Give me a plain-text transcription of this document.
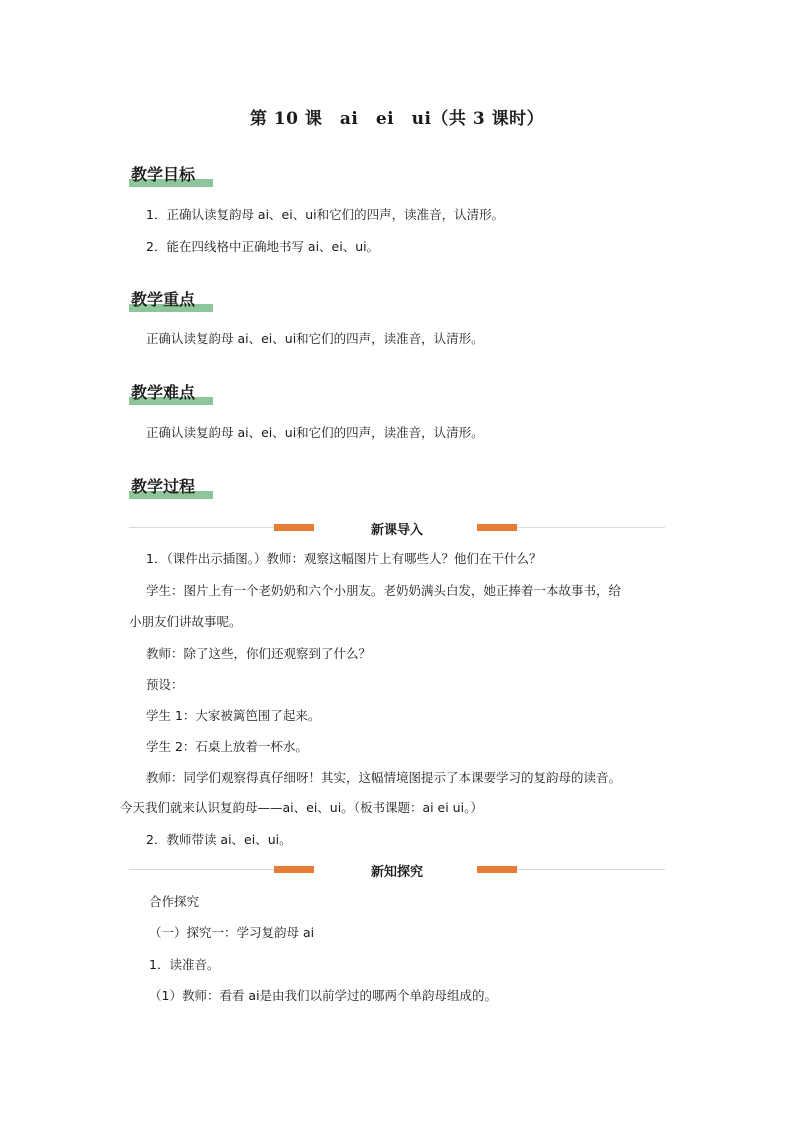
第 10 课　ai　ei　ui（共 3 课时）
教学目标
1．正确认读复韵母 ai、ei、ui和它们的四声，读准音，认清形。
2．能在四线格中正确地书写 ai、ei、ui。
教学重点
正确认读复韵母 ai、ei、ui和它们的四声，读准音，认清形。
教学难点
正确认读复韵母 ai、ei、ui和它们的四声，读准音，认清形。
教学过程
新课导入
1．（课件出示插图。）教师：观察这幅图片上有哪些人？他们在干什么？
学生：图片上有一个老奶奶和六个小朋友。老奶奶满头白发，她正捧着一本故事书，给
小朋友们讲故事呢。
教师：除了这些，你们还观察到了什么？
预设：
学生 1：大家被篱笆围了起来。
学生 2：石桌上放着一杯水。
教师：同学们观察得真仔细呀！其实，这幅情境图提示了本课要学习的复韵母的读音。
今天我们就来认识复韵母——ai、ei、ui。（板书课题：ai ei ui。）
2．教师带读 ai、ei、ui。
新知探究
合作探究
（一）探究一：学习复韵母 ai
1．读准音。
（1）教师：看看 ai是由我们以前学过的哪两个单韵母组成的。
